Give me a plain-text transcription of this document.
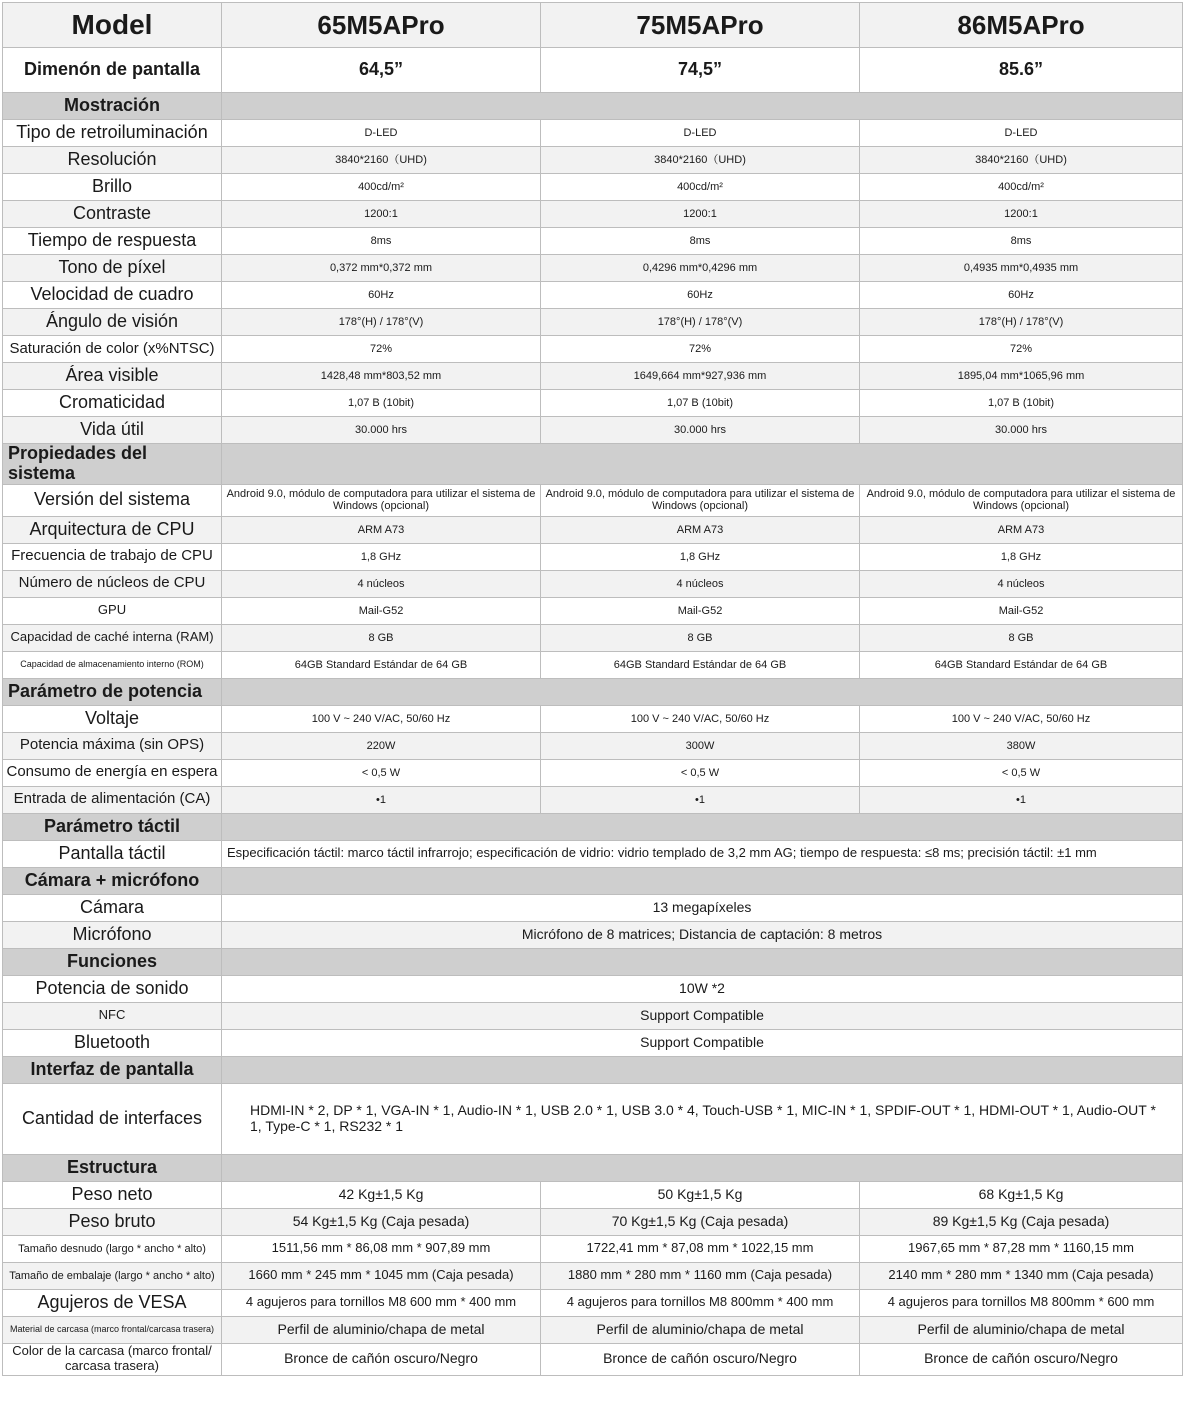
Model	65M5APro	75M5APro	86M5APro
Dimenón de pantalla	64,5”	74,5”	85.6”
Mostración			
Tipo de retroiluminación	D-LED	D-LED	D-LED
Resolución	3840*2160（UHD)	3840*2160（UHD)	3840*2160（UHD)
Brillo	400cd/m²	400cd/m²	400cd/m²
Contraste	1200:1	1200:1	1200:1
Tiempo de respuesta	8ms	8ms	8ms
Tono de píxel	0,372 mm*0,372 mm	0,4296 mm*0,4296 mm	0,4935 mm*0,4935 mm
Velocidad de cuadro	60Hz	60Hz	60Hz
Ángulo de visión	178°(H) / 178°(V)	178°(H) / 178°(V)	178°(H) / 178°(V)
Saturación de color (x%NTSC)	72%	72%	72%
Área visible	1428,48 mm*803,52 mm	1649,664 mm*927,936 mm	1895,04 mm*1065,96 mm
Cromaticidad	1,07 B (10bit)	1,07 B (10bit)	1,07 B (10bit)
Vida útil	30.000 hrs	30.000 hrs	30.000 hrs
Propiedades del sistema			
Versión del sistema	Android 9.0, módulo de computadora para utilizar el sistema de Windows (opcional)	Android 9.0, módulo de computadora para utilizar el sistema de Windows (opcional)	Android 9.0, módulo de computadora para utilizar el sistema de Windows (opcional)
Arquitectura de CPU	ARM A73	ARM A73	ARM A73
Frecuencia de trabajo de CPU	1,8 GHz	1,8 GHz	1,8 GHz
Número de núcleos de CPU	4 núcleos	4 núcleos	4 núcleos
GPU	Mail-G52	Mail-G52	Mail-G52
Capacidad de caché interna (RAM)	8 GB	8 GB	8 GB
Capacidad de almacenamiento interno (ROM)	64GB Standard Estándar de 64 GB	64GB Standard Estándar de 64 GB	64GB Standard Estándar de 64 GB
Parámetro de potencia			
Voltaje	100 V ~ 240 V/AC, 50/60 Hz	100 V ~ 240 V/AC, 50/60 Hz	100 V ~ 240 V/AC, 50/60 Hz
Potencia máxima (sin OPS)	220W	300W	380W
Consumo de energía en espera	< 0,5 W	< 0,5 W	< 0,5 W
Entrada de alimentación (CA)	•1	•1	•1
Parámetro táctil			
Pantalla táctil	Especificación táctil: marco táctil infrarrojo; especificación de vidrio: vidrio templado de 3,2 mm AG; tiempo de respuesta: ≤8 ms; precisión táctil: ±1 mm		
Cámara + micrófono			
Cámara	13 megapíxeles		
Micrófono	Micrófono de 8 matrices; Distancia de captación: 8 metros		
Funciones			
Potencia de sonido	10W *2		
NFC	Support Compatible		
Bluetooth	Support Compatible		
Interfaz de pantalla			
Cantidad de interfaces	HDMI-IN * 2, DP * 1, VGA-IN * 1, Audio-IN * 1, USB 2.0 * 1, USB 3.0 * 4, Touch-USB * 1, MIC-IN * 1, SPDIF-OUT * 1, HDMI-OUT * 1, Audio-OUT * 1, Type-C * 1, RS232 * 1		
Estructura			
Peso neto	42 Kg±1,5 Kg	50 Kg±1,5 Kg	68 Kg±1,5 Kg
Peso bruto	54 Kg±1,5 Kg (Caja pesada)	70 Kg±1,5 Kg (Caja pesada)	89 Kg±1,5 Kg (Caja pesada)
Tamaño desnudo (largo * ancho * alto)	1511,56 mm * 86,08 mm * 907,89 mm	1722,41 mm * 87,08 mm * 1022,15 mm	1967,65 mm * 87,28 mm * 1160,15 mm
Tamaño de embalaje (largo * ancho * alto)	1660 mm * 245 mm * 1045 mm (Caja pesada)	1880 mm * 280 mm * 1160 mm (Caja pesada)	2140 mm * 280 mm * 1340 mm (Caja pesada)
Agujeros de VESA	4 agujeros para tornillos M8 600 mm * 400 mm	4 agujeros para tornillos M8 800mm * 400 mm	4 agujeros para tornillos M8 800mm * 600 mm
Material de carcasa (marco frontal/carcasa trasera)	Perfil de aluminio/chapa de metal	Perfil de aluminio/chapa de metal	Perfil de aluminio/chapa de metal
Color de la carcasa (marco frontal/ carcasa trasera)	Bronce de cañón oscuro/Negro	Bronce de cañón oscuro/Negro	Bronce de cañón oscuro/Negro
